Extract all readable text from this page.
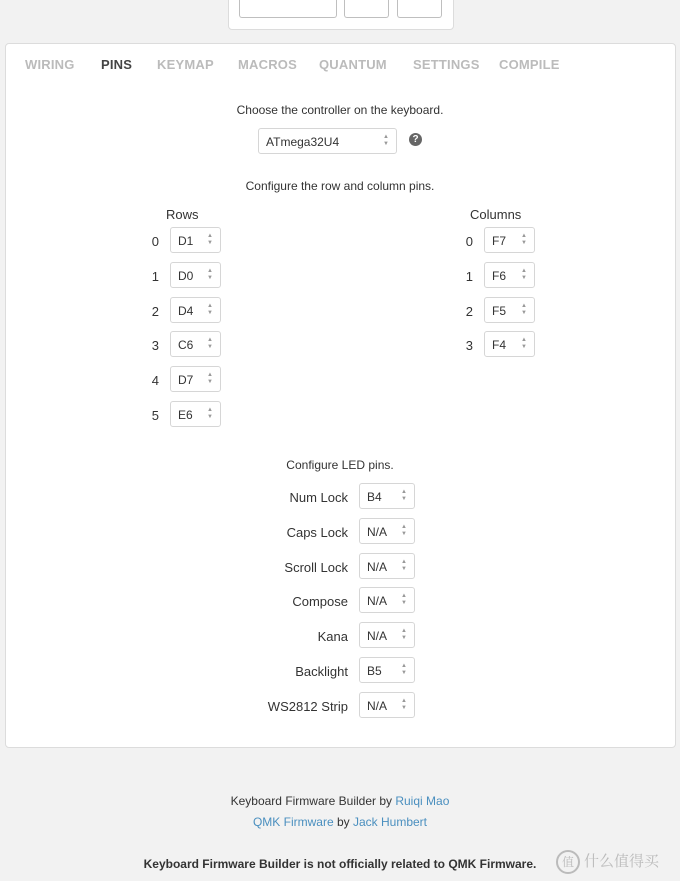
WIRING PINS KEYMAP MACROS QUANTUM SETTINGS COMPILE
Choose the controller on the keyboard.
ATmega32U4	▲
▼	?
Configure the row and column pins.
Rows	Columns
0 D1 ▲
▼
1 D0 ▲
▼
2 D4 ▲
▼
3 C6 ▲
▼
4 D7 ▲
▼
5 E6 ▲
▼
0 F7	▲
▼
1 F6	▲
▼
2 F5	▲
▼
3 F4	▲
▼
Configure LED pins.
Num Lock B4	▲
▼
Caps Lock N/A ▲
▼
Scroll Lock N/A ▲
▼
Compose N/A ▲
▼
Kana N/A ▲
▼
Backlight B5	▲
▼
WS2812 Strip N/A ▲
▼
Keyboard Firmware Builder by Ruiqi Mao
QMK Firmware by Jack Humbert
Keyboard Firmware Builder is not officially related to QMK Firmware.	值 什么值得买
